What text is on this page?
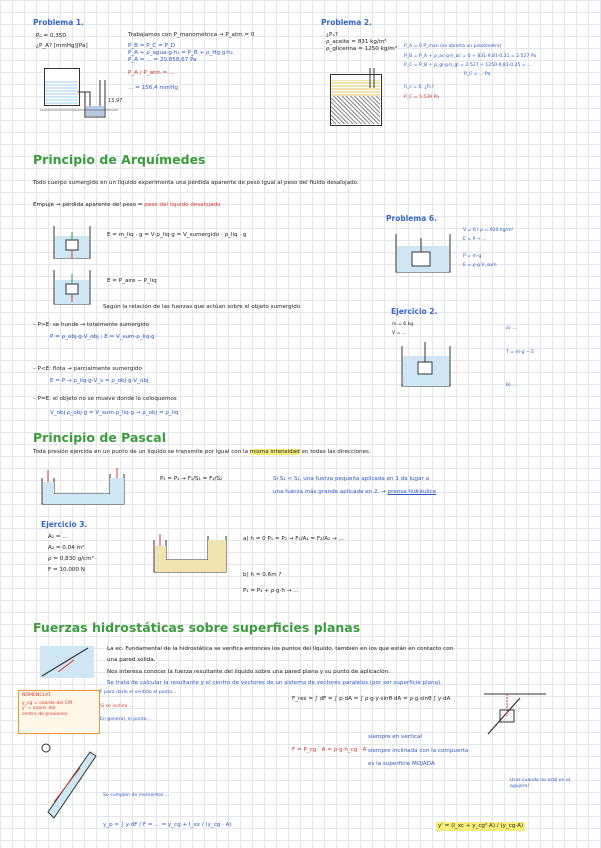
Problema 1.
P₀ = 0,350
¿P_A? [mmHg][Pa]
13,97
Trabajamos con P_manométrica → P_atm = 0
P_B = P_C = P_D
P_A + ρ_agua·g·h₁ = P_B + ρ_Hg·g·h₂
P_A = ... = 20.858,67 Pa
P_A / P_atm = ...
... = 156,4 mmHg
Problema 2.
¿Pₓ?
ρ_aceite = 831 kg/m³
ρ_glicerina = 1250 kg/m³ P_A = 0 P_man (es abierta un piezómetro)
P_B = P_A + ρ_ac·g·h_ac = 0 + 831·9,81·0,31 = 2.527 Pa
P_C = P_B + ρ_gl·g·h_gl = 2.527 + 1250·9,81·0,25 = ...
P_C = ... Pa
h_c = 0, ¿Pₓ?
P_C = 5.539 Pa
Principio de Arquímedes
Todo cuerpo sumergido en un líquido experimenta una pérdida aparente de peso igual al peso del fluido desalojado.
Empuje → pérdida aparente del peso = peso del líquido desalojado
E = m_liq · g = V·ρ_liq·g = V_sumergido · ρ_liq · g
E = P_aire − P_liq
Según la relación de las fuerzas que actúan sobre el objeto sumergido
– P>E: se hunde → totalmente sumergido
P = ρ_obj·g·V_obj ; E = V_sum·ρ_liq·g
– P<E: flota → parcialmente sumergido
E = P → ρ_liq·g·V_s = ρ_obj·g·V_obj
– P=E: el objeto no se mueve donde lo coloquemos
V_obj·ρ_obj·g = V_sum·ρ_liq·g → ρ_obj = ρ_liq
Problema 6.
V = 6 l ρ = 920 kg/m³
E = P → ...
P = m·g
E = ρ·g·V_sum
Ejercicio 2.
m = 6 kg
V = ...
a) ...
T = m·g − E
b) ...
Principio de Pascal
Toda presión ejercida en un punto de un líquido se transmite por igual con la misma intensidad en todas las direcciones.
P₁ = P₂ → F₁/S₁ = F₂/S₂	Si S₁ < S₂, una fuerza pequeña aplicada en 1 da lugar a
una fuerza más grande aplicada en 2. → prensa hidráulica
Ejercicio 3.
A₁ = ...
A₂ = 0,04 m²
ρ = 0,830 g/cm³
F = 10.000 N
a) h = 0 P₁ = P₂ → F₁/A₁ = F₂/A₂ → ...
b) h = 0.6m ?
P₁ = P₂ + ρ·g·h → ...
Fuerzas hidrostáticas sobre superficies planas
La ec. Fundamental de la hidrostática se verifica entonces los puntos del líquido, también en los que están en contacto con
una pared sólida.
Nos interesa conocer la fuerza resultante del líquido sobre una pared plana y su punto de aplicación.
Se trata de calcular la resultante y el centro de vectores de un sistema de vectores paralelos (por ser superficie plana).
NOMENCLAT.
y_cg = coorde del CM
y' = coord. del
centro de presiones
F para darle el sentido al punto...
Si se inclina ...
En general, el punto...
F_res = ∫ dF = ∫ p·dA = ∫ ρ·g·y·sinθ·dA = ρ·g·sinθ ∫ y·dA
siempre en vertical
siempre inclinada con la compuerta
es la superficie MOJADA
F = P_cg · A = ρ·g·h_cg · A
Se cumplen de momentos ...
y_p = ∫ y·dF / F = ... = y_cg + I_xx / (y_cg · A)
Usar cuando no está en el agujero!
y' = (I_xc + y_cg²·A) / (y_cg·A)
